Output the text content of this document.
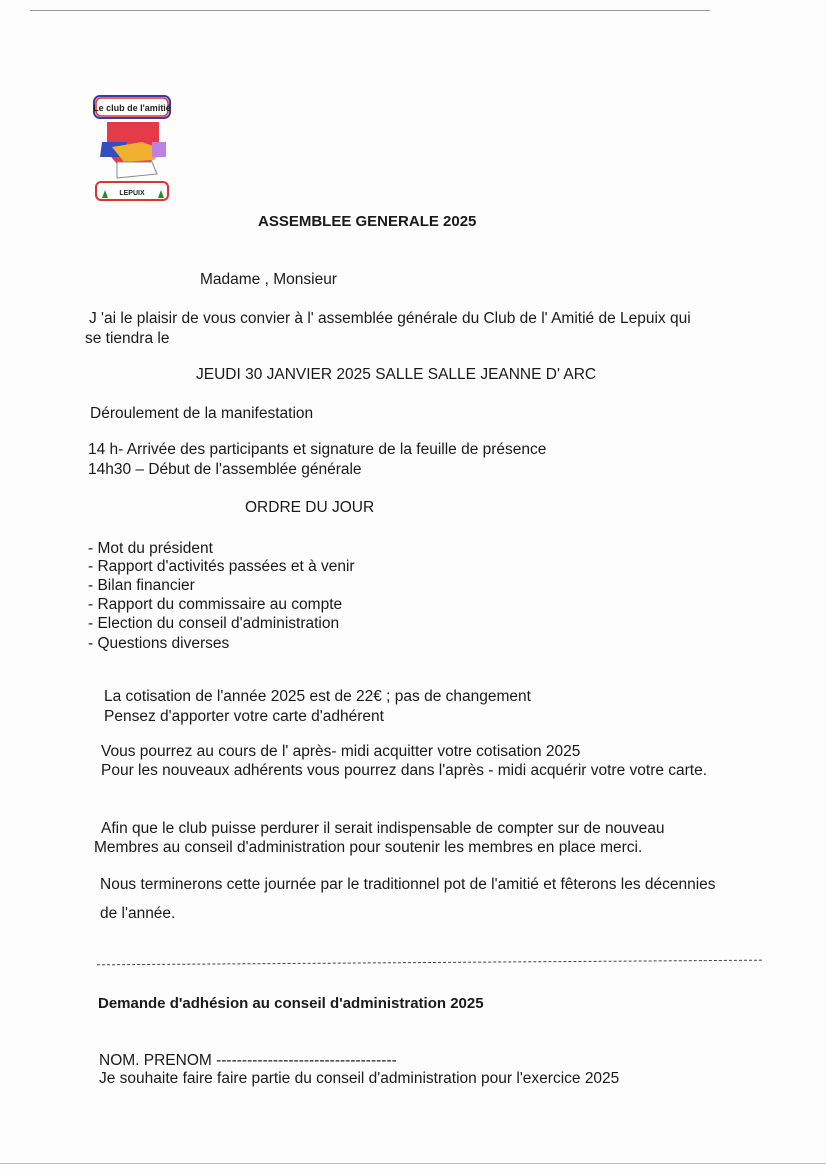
Le club de l'amitié
LEPUIX
ASSEMBLEE GENERALE 2025
Madame , Monsieur
J 'ai le plaisir de vous convier à l' assemblée générale du Club de l' Amitié de Lepuix qui
se tiendra le
JEUDI 30 JANVIER 2025 SALLE SALLE JEANNE D' ARC
Déroulement de la manifestation
14 h- Arrivée des participants et signature de la feuille de présence
14h30 – Début de l'assemblée générale
ORDRE DU JOUR
- Mot du président
- Rapport d'activités passées et à venir
- Bilan financier
- Rapport du commissaire au compte
- Election du conseil d'administration
- Questions diverses
La cotisation de l'année 2025 est de 22€ ; pas de changement
Pensez d'apporter votre carte d'adhérent
Vous pourrez au cours de l' après- midi acquitter votre cotisation 2025
Pour les nouveaux adhérents vous pourrez dans l'après - midi acquérir votre votre carte.
Afin que le club puisse perdurer il serait indispensable de compter sur de nouveau
Membres au conseil d'administration pour soutenir les membres en place merci.
Nous terminerons cette journée par le traditionnel pot de l'amitié et fêterons les décennies
de l'année.
Demande d'adhésion au conseil d'administration 2025
NOM. PRENOM -----------------------------------
Je souhaite faire faire partie du conseil d'administration pour l'exercice 2025
